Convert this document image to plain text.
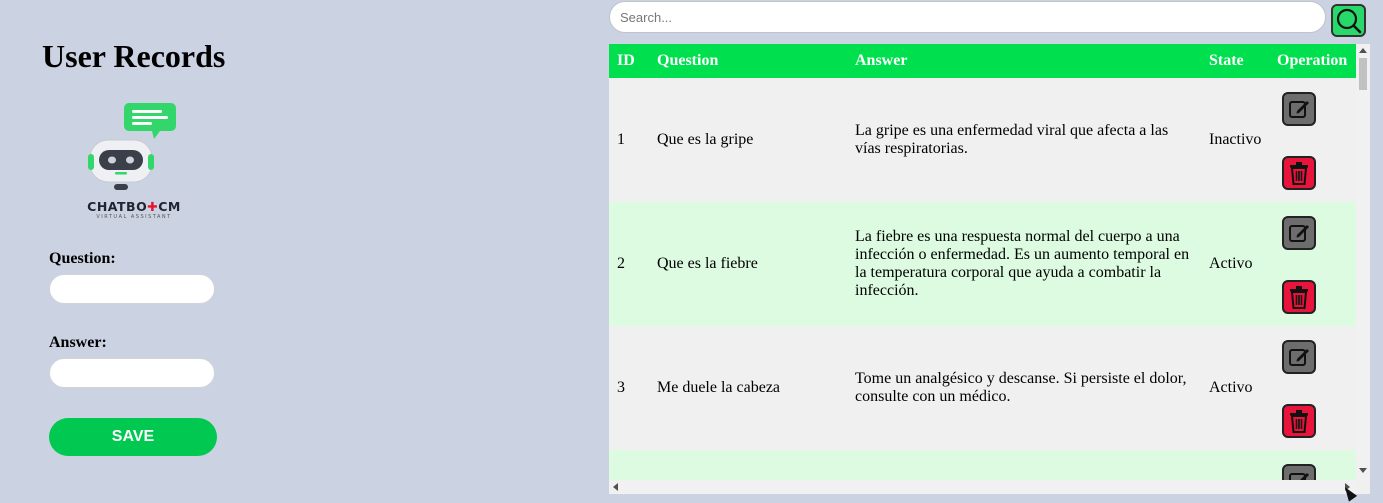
User Records
CHATBO✚CM
VIRTUAL ASSISTANT
Question:
Answer:
SAVE
Search...
ID Question	Answer	State Operation
1 Que es la gripe
La gripe es una enfermedad viral que afecta a las vías respiratorias.
Inactivo
2 Que es la fiebre
La fiebre es una respuesta normal del cuerpo a una infección o enfermedad. Es un aumento temporal en la temperatura corporal que ayuda a combatir la infección.
Activo
3 Me duele la cabeza
Tome un analgésico y descanse. Si persiste el dolor, consulte con un médico.
Activo
